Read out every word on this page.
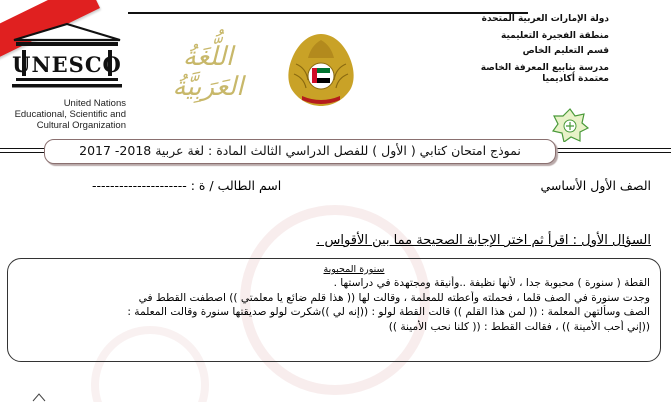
UNESCO
United Nations
Educational, Scientific and
Cultural Organization
اللُّغَةُ العَرَبِيَّةُ
دولة الإمارات العربية المتحدة
منطقة الفجيرة التعليمية
قسم التعليم الخاص
مدرسة ينابيع المعرفة الخاصة
معتمدة أكاديميا
نموذج امتحان كتابي ( الأول ) للفصل الدراسي الثالث المادة : لغة عربية 2018- 2017
الصف الأول الأساسي
اسم الطالب / ة : ---------------------
السؤال الأول : اقرأ ثم اختر الإجابة الصحيحة مما بين الأقواس .
سنورة المحبوبة
القطة ( سنورة ) محبوبة جدا ، لأنها نظيفة ..وأنيقة ومجتهدة في دراستها .
وجدت سنورة في الصف قلما ، فحملته وأعطته للمعلمة ، وقالت لها (( هذا قلم ضائع يا معلمتي )) اصطفت القطط في
الصف وسألتهن المعلمة : (( لمن هذا القلم )) قالت القطة لولو : ((إنه لي ))شكرت لولو صديقتها سنورة وقالت المعلمة :
((إني أحب الأمينة )) ، فقالت القطط : (( كلنا نحب الأمينة ))
